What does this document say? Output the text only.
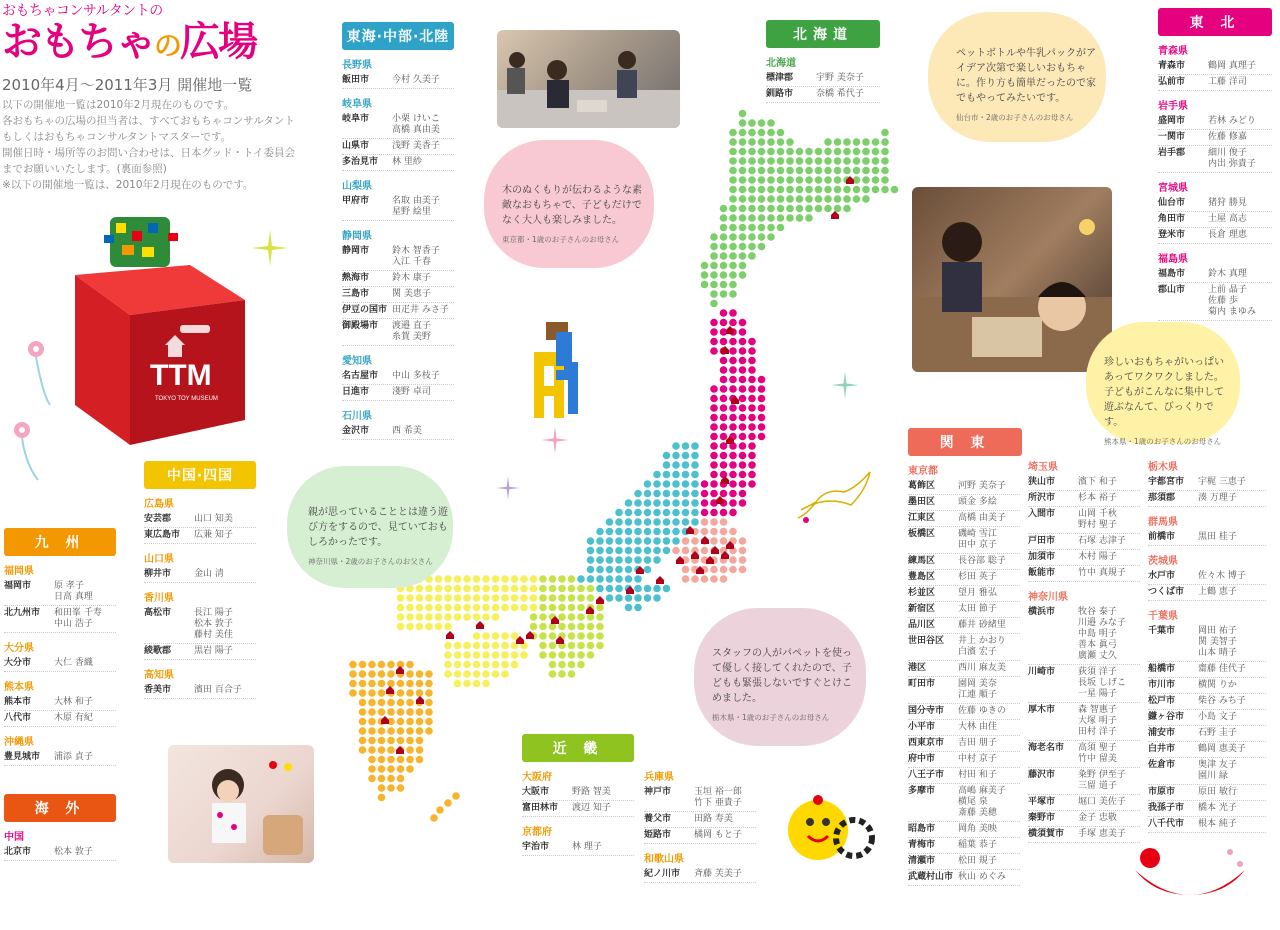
おもちゃコンサルタントの
おもちゃの広場
2010年4月～2011年3月 開催地一覧
以下の開催地一覧は2010年2月現在のものです。
各おもちゃの広場の担当者は、すべておもちゃコンサルタント
もしくはおもちゃコンサルタントマスターです。
開催日時・場所等のお問い合わせは、日本グッド・トイ委員会
までお願いいたします。(裏面参照)
※以下の開催地一覧は、2010年2月現在のものです。
TTM
TOKYO TOY MUSEUM
東海·中部·北陸
長野県
飯田市	今村 久美子
岐阜県
岐阜市	小栗 けいこ
高橋 真由美
山県市	浅野 美香子
多治見市	林 里紗
山梨県
甲府市	名取 由美子
星野 絵里
静岡県
静岡市	鈴木 智香子
入江 千春
熱海市	鈴木 康子
三島市	関 美恵子
伊豆の国市 田疋井 みさ子
御殿場市	渡邉 直子
糸賀 美野
愛知県
名古屋市	中山 多枝子
日進市	淺野 卓司
石川県
金沢市	西 希美
北海道
北海道
標津郡	宇野 美奈子
釧路市	奈橋 希代子
東 北
青森県
青森市	鶴岡 真理子
弘前市	工藤 洋司
岩手県
盛岡市	若林 みどり
一関市	佐藤 修嘉
岩手郡	細川 俊子
内出 弥貴子
宮城県
仙台市	猪狩 勝見
角田市	土屋 高志
登米市	長倉 理恵
福島県
福島市	鈴木 真理
郡山市	上前 晶子
佐藤 歩
菊内 まゆみ
中国·四国
広島県
安芸郡	山口 知美
東広島市	広兼 知子
山口県
柳井市	金山 清
香川県
高松市	長江 陽子
松本 敦子
藤村 美佳
綾歌郡	黒岩 陽子
高知県
香美市	濱田 百合子
九 州
福岡県
福岡市	原 孝子
日高 真理
北九州市	和田峯 千寿
中山 浩子
大分県
大分市	大仁 香織
熊本県
熊本市	大林 和子
八代市	木原 有紀
沖縄県
豊見城市	浦添 貞子
海 外
中国
北京市	松本 敦子
近 畿
大阪府
大阪市	野路 智美
富田林市	渡辺 知子
京都府
宇治市	林 理子
兵庫県
神戸市	玉垣 裕一郎
竹下 亜貴子
養父市	田路 寿美
姫路市	橘岡 もと子
和歌山県
紀ノ川市	斉藤 芙美子
関 東
東京都
葛飾区	河野 美奈子
墨田区	頭金 多絵
江東区	高橋 由美子
板橋区	磯崎 雪江
田中 京子
練馬区	長谷部 聡子
豊島区	杉田 英子
杉並区	望月 雅弘
新宿区	太田 節子
品川区	藤井 砂緒里
世田谷区	井上 かおり
白濱 宏子
港区	西川 麻友美
町田市	園岡 美奈
江連 順子
国分寺市	佐藤 ゆきの
小平市	大林 由佳
西東京市	吉田 朋子
府中市	中村 京子
八王子市	村田 和子
多摩市	高嶋 麻美子
横尾 泉
斎藤 美穂
昭島市	岡角 美映
青梅市	稲葉 恭子
清瀬市	松田 規子
武蔵村山市 秋山 めぐみ
埼玉県
狭山市	濱下 和子
所沢市	杉本 裕子
入間市	山岡 千秋
野村 聖子
戸田市	石塚 志津子
加須市	木村 陽子
飯能市	竹中 真規子
神奈川県
横浜市	牧谷 泰子
川邉 みな子
中島 明子
善本 眞弓
廣瀬 丈久
川崎市	荻須 洋子
長坂 しげこ
一星 陽子
厚木市	森 智惠子
大塚 明子
田村 洋子
海老名市	高須 聖子
竹中 留美
藤沢市	粂野 伊至子
三留 道子
平塚市	堀口 美佐子
秦野市	金子 忠敬
横須賀市	手塚 恵美子
栃木県
宇都宮市	宇梶 三恵子
那須郡	湊 万理子
群馬県
前橋市	黒田 桂子
茨城県
水戸市	佐々木 博子
つくば市	上鶴 恵子
千葉県
千葉市	岡田 祐子
関 美智子
山本 晴子
船橋市	齋藤 佳代子
市川市	横関 りか
松戸市	柴谷 みち子
鎌ヶ谷市	小島 文子
浦安市	石野 圭子
白井市	鶴岡 恵美子
佐倉市	奥津 友子
園川 緑
市原市	原田 敏行
我孫子市	橋本 光子
八千代市	根本 純子
木のぬくもりが伝わるような素敵なおもちゃで、子どもだけでなく大人も楽しみました。
東京都・1歳のお子さんのお母さん
ペットボトルや牛乳パックがアイデア次第で楽しいおもちゃに。作り方も簡単だったので家でもやってみたいです。
仙台市・2歳のお子さんのお母さん
珍しいおもちゃがいっぱいあってワクワクしました。子どもがこんなに集中して遊ぶなんて、びっくりです。
熊本県・1歳のお子さんのお母さん
親が思っていることとは違う遊び方をするので、見ていておもしろかったです。
神奈川県・2歳のお子さんのお父さん
スタッフの人がパペットを使って優しく接してくれたので、子どもも緊張しないですぐとけこめました。
栃木県・1歳のお子さんのお母さん
